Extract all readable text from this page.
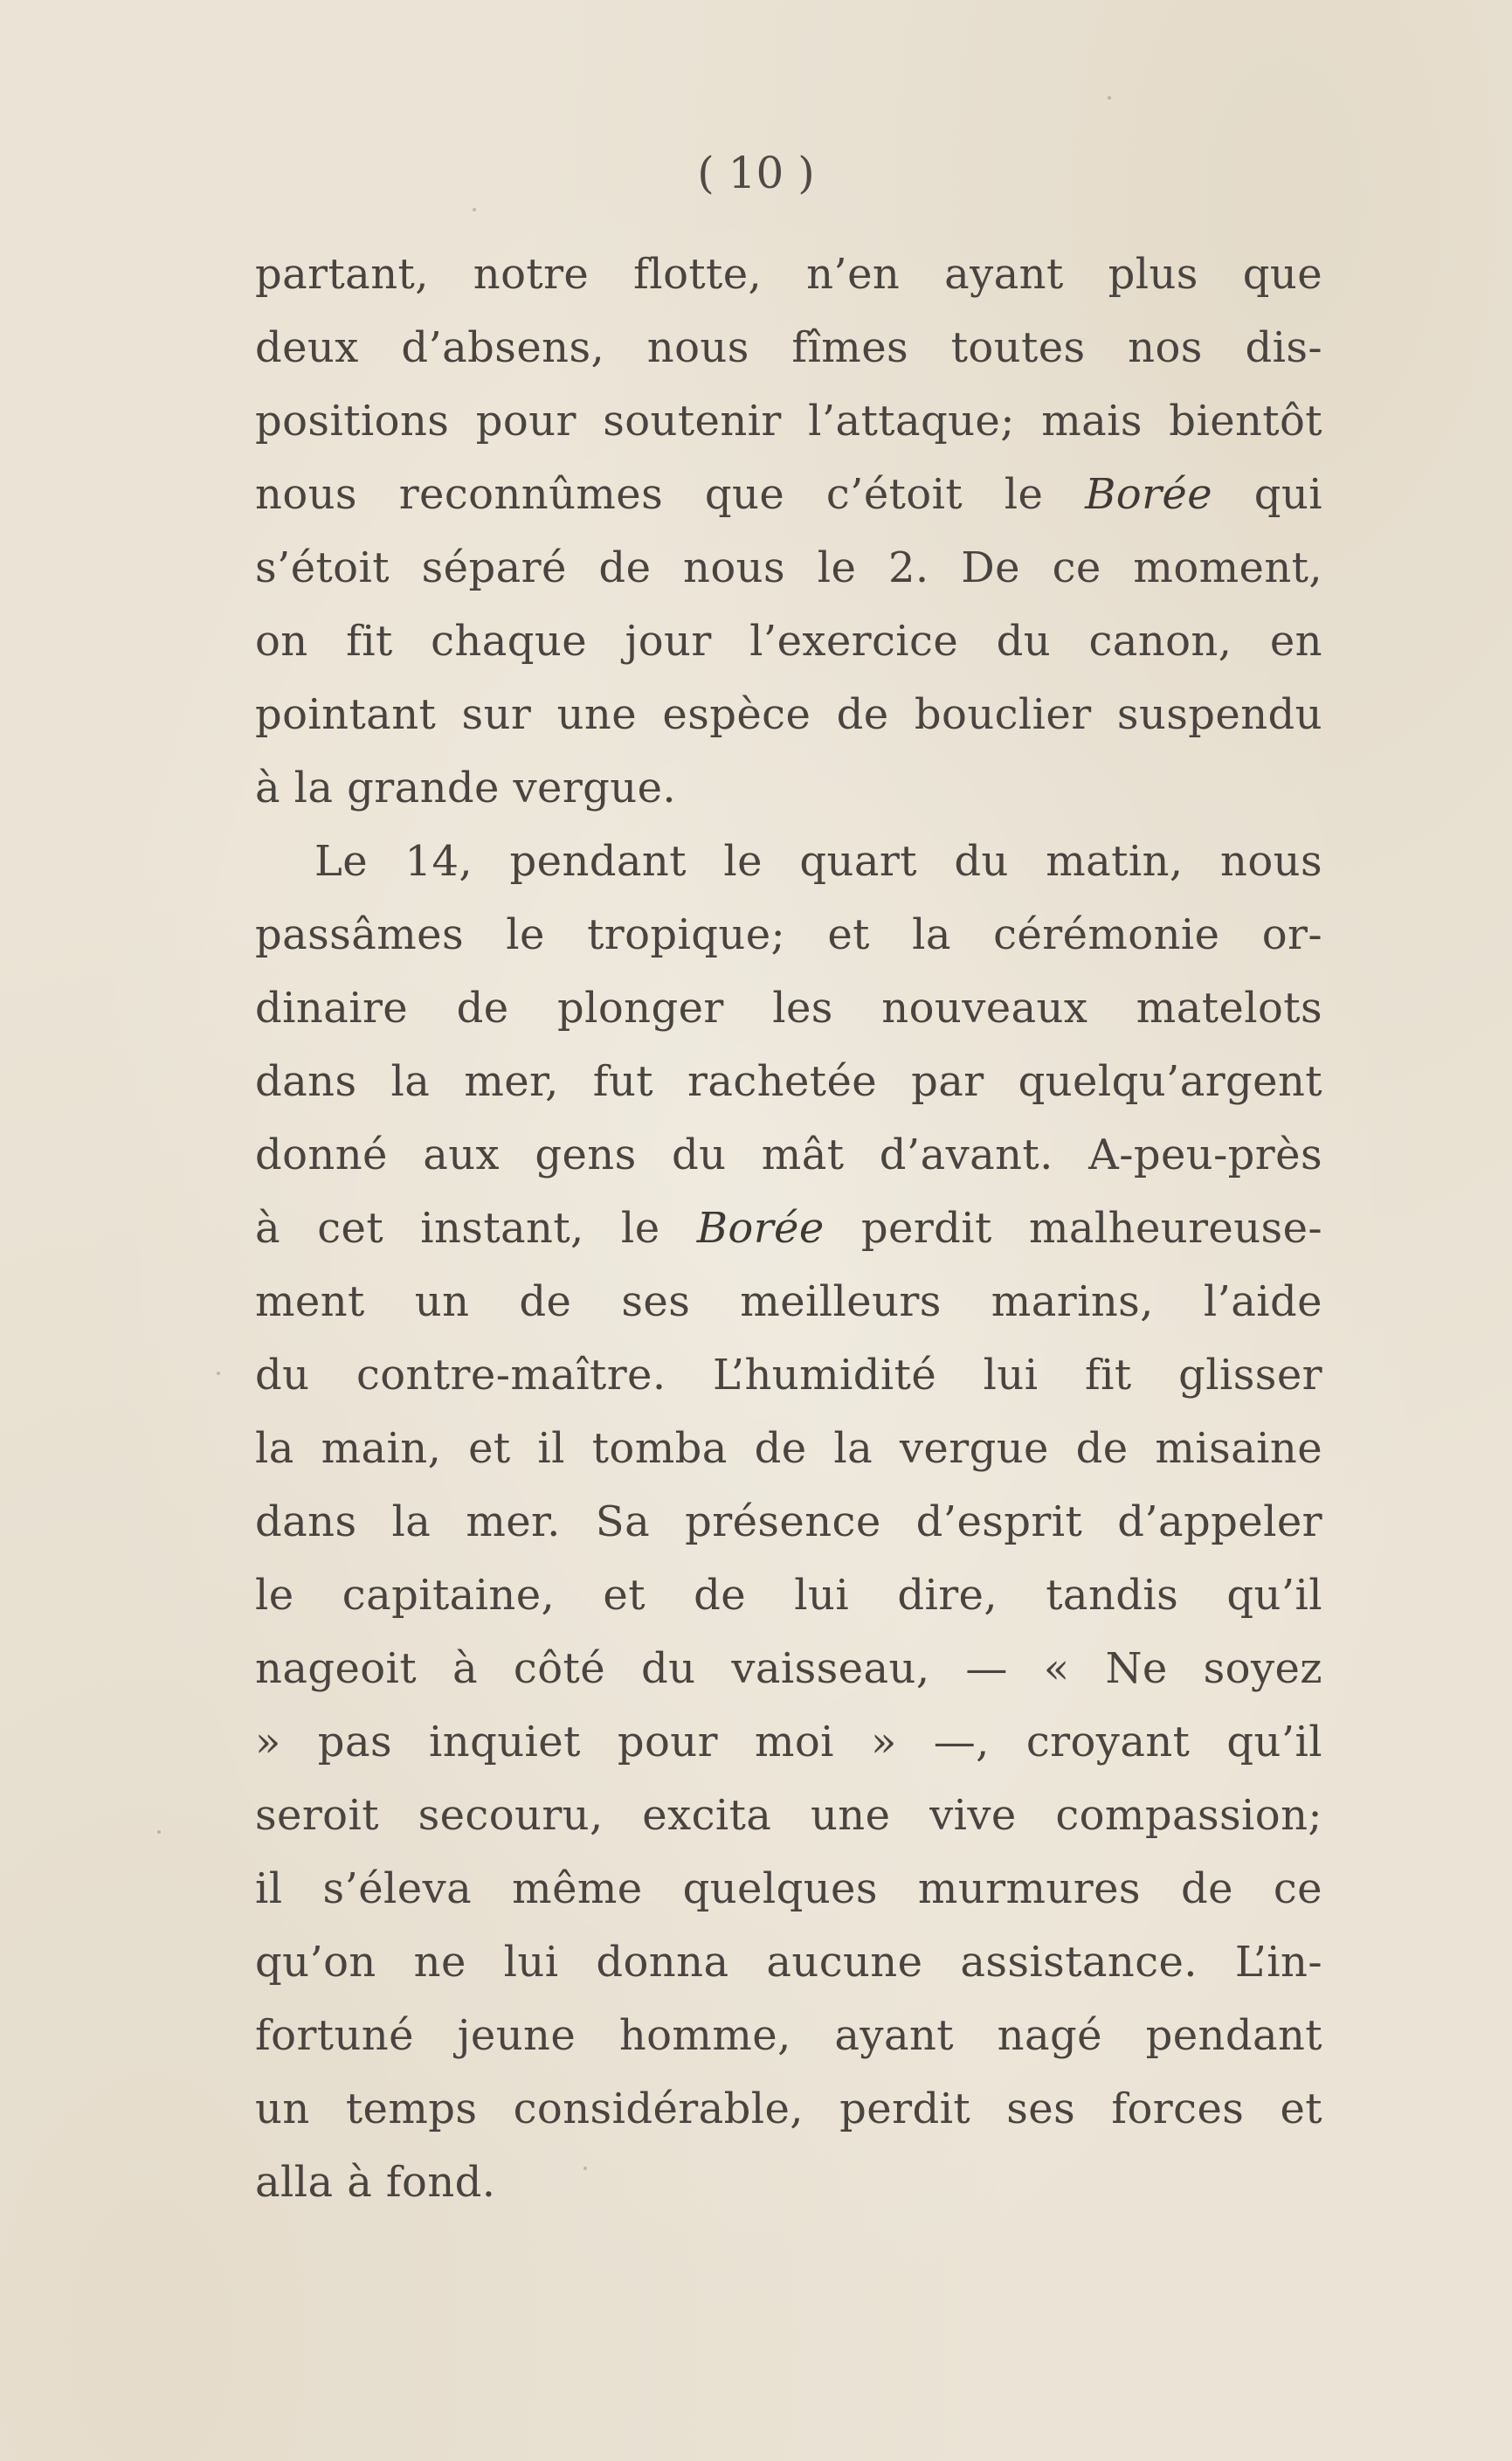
( 10 )
partant, notre flotte, n’en ayant plus que
deux d’absens, nous fîmes toutes nos dis-
positions pour soutenir l’attaque; mais bientôt
nous reconnûmes que c’étoit le Borée qui
s’étoit séparé de nous le 2. De ce moment,
on fit chaque jour l’exercice du canon, en
pointant sur une espèce de bouclier suspendu
à la grande vergue.
Le 14, pendant le quart du matin, nous
passâmes le tropique; et la cérémonie or-
dinaire de plonger les nouveaux matelots
dans la mer, fut rachetée par quelqu’argent
donné aux gens du mât d’avant. A-peu-près
à cet instant, le Borée perdit malheureuse-
ment un de ses meilleurs marins, l’aide
du contre-maître. L’humidité lui fit glisser
la main, et il tomba de la vergue de misaine
dans la mer. Sa présence d’esprit d’appeler
le capitaine, et de lui dire, tandis qu’il
nageoit à côté du vaisseau, — « Ne soyez
» pas inquiet pour moi » —, croyant qu’il
seroit secouru, excita une vive compassion;
il s’éleva même quelques murmures de ce
qu’on ne lui donna aucune assistance. L’in-
fortuné jeune homme, ayant nagé pendant
un temps considérable, perdit ses forces et
alla à fond.
